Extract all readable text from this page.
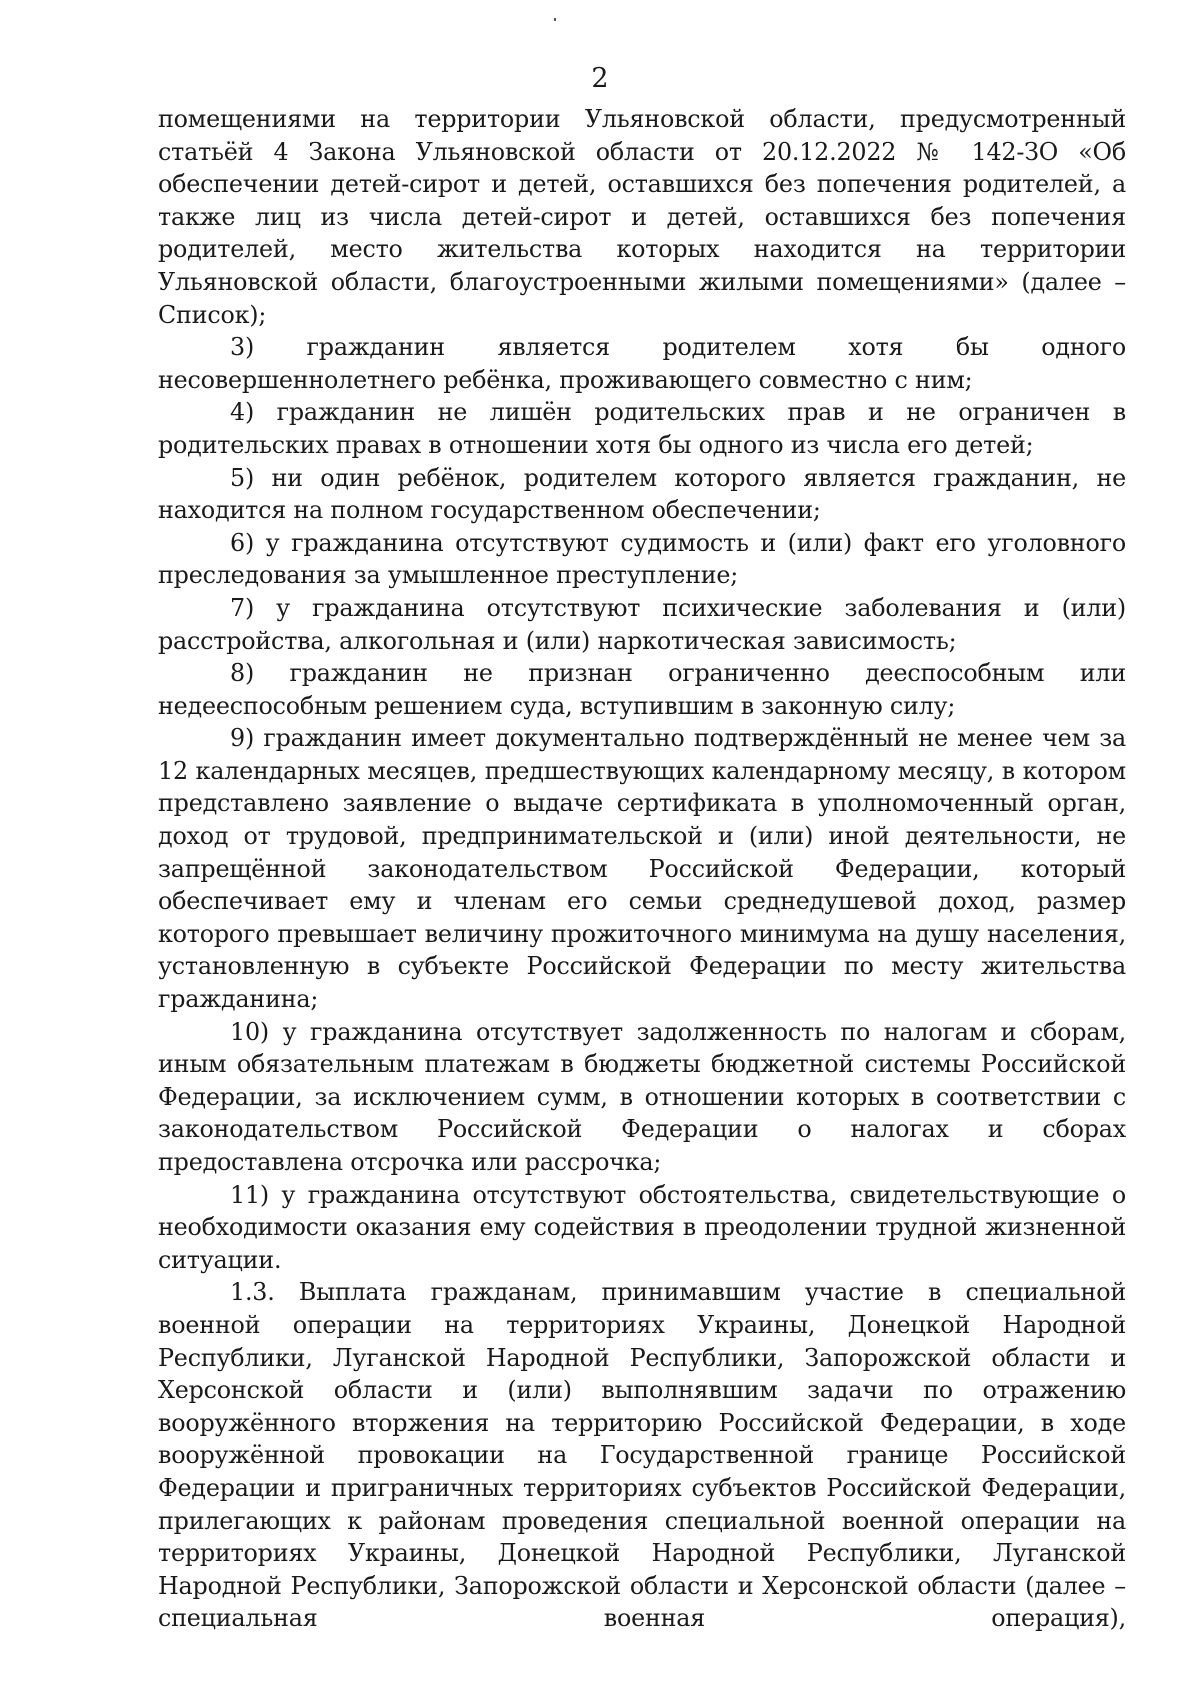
2

помещениями на территории Ульяновской области, предусмотренный статьёй 4 Закона Ульяновской области от 20.12.2022 № 142-ЗО «Об обеспечении детей-сирот и детей, оставшихся без попечения родителей, а также лиц из числа детей-сирот и детей, оставшихся без попечения родителей, место жительства которых находится на территории Ульяновской области, благоустроенными жилыми помещениями» (далее – Список);

3) гражданин является родителем хотя бы одного несовершеннолетнего ребёнка, проживающего совместно с ним;

4) гражданин не лишён родительских прав и не ограничен в родительских правах в отношении хотя бы одного из числа его детей;

5) ни один ребёнок, родителем которого является гражданин, не находится на полном государственном обеспечении;

6) у гражданина отсутствуют судимость и (или) факт его уголовного преследования за умышленное преступление;

7) у гражданина отсутствуют психические заболевания и (или) расстройства, алкогольная и (или) наркотическая зависимость;

8) гражданин не признан ограниченно дееспособным или недееспособным решением суда, вступившим в законную силу;

9) гражданин имеет документально подтверждённый не менее чем за 12 календарных месяцев, предшествующих календарному месяцу, в котором представлено заявление о выдаче сертификата в уполномоченный орган, доход от трудовой, предпринимательской и (или) иной деятельности, не запрещённой законодательством Российской Федерации, который обеспечивает ему и членам его семьи среднедушевой доход, размер которого превышает величину прожиточного минимума на душу населения, установленную в субъекте Российской Федерации по месту жительства гражданина;

10) у гражданина отсутствует задолженность по налогам и сборам, иным обязательным платежам в бюджеты бюджетной системы Российской Федерации, за исключением сумм, в отношении которых в соответствии с законодательством Российской Федерации о налогах и сборах предоставлена отсрочка или рассрочка;

11) у гражданина отсутствуют обстоятельства, свидетельствующие о необходимости оказания ему содействия в преодолении трудной жизненной ситуации.

1.3. Выплата гражданам, принимавшим участие в специальной военной операции на территориях Украины, Донецкой Народной Республики, Луганской Народной Республики, Запорожской области и Херсонской области и (или) выполнявшим задачи по отражению вооружённого вторжения на территорию Российской Федерации, в ходе вооружённой провокации на Государственной границе Российской Федерации и приграничных территориях субъектов Российской Федерации, прилегающих к районам проведения специальной военной операции на территориях Украины, Донецкой Народной Республики, Луганской Народной Республики, Запорожской области и Херсонской области (далее – специальная военная операция),
